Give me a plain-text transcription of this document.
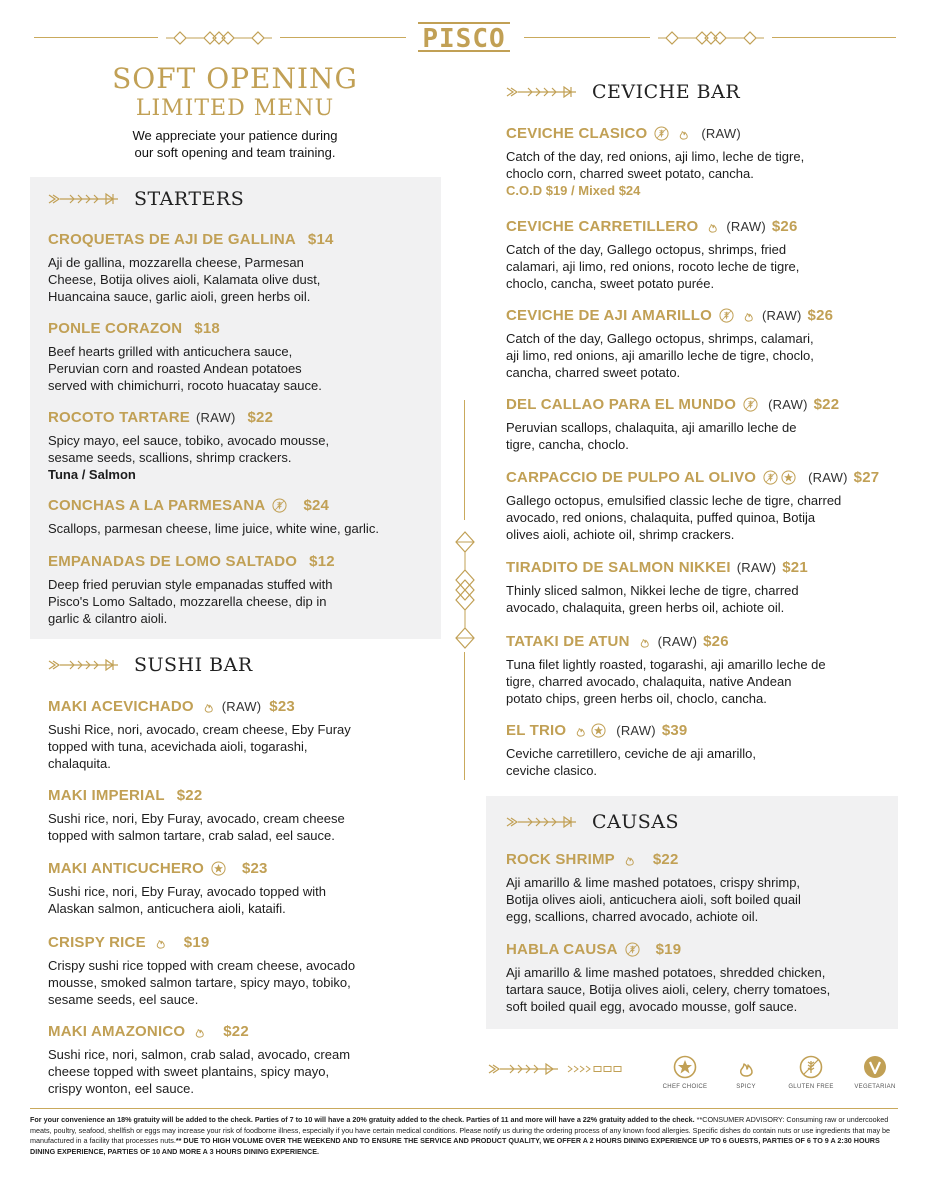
PISCO
SOFT OPENING
LIMITED MENU
We appreciate your patience during
our soft opening and team training.
STARTERS
CROQUETAS DE AJI DE GALLINA $14
Aji de gallina, mozzarella cheese, Parmesan
Cheese, Botija olives aioli, Kalamata olive dust,
Huancaina sauce, garlic aioli, green herbs oil.
PONLE CORAZON $18
Beef hearts grilled with anticuchera sauce,
Peruvian corn and roasted Andean potatoes
served with chimichurri, rocoto huacatay sauce.
ROCOTO TARTARE (RAW) $22
Spicy mayo, eel sauce, tobiko, avocado mousse,
sesame seeds, scallions, shrimp crackers.
Tuna / Salmon
CONCHAS A LA PARMESANA	$24
Scallops, parmesan cheese, lime juice, white wine, garlic.
EMPANADAS DE LOMO SALTADO $12
Deep fried peruvian style empanadas stuffed with
Pisco's Lomo Saltado, mozzarella cheese, dip in
garlic & cilantro aioli.
SUSHI BAR
MAKI ACEVICHADO (RAW) $23
Sushi Rice, nori, avocado, cream cheese, Eby Furay
topped with tuna, acevichada aioli, togarashi,
chalaquita.
MAKI IMPERIAL $22
Sushi rice, nori, Eby Furay, avocado, cream cheese
topped with salmon tartare, crab salad, eel sauce.
MAKI ANTICUCHERO	$23
Sushi rice, nori, Eby Furay, avocado topped with
Alaskan salmon, anticuchera aioli, kataifi.
CRISPY RICE	$19
Crispy sushi rice topped with cream cheese, avocado
mousse, smoked salmon tartare, spicy mayo, tobiko,
sesame seeds, eel sauce.
MAKI AMAZONICO	$22
Sushi rice, nori, salmon, crab salad, avocado, cream
cheese topped with sweet plantains, spicy mayo,
crispy wonton, eel sauce.
CEVICHE BAR
CEVICHE CLASICO	(RAW)
Catch of the day, red onions, aji limo, leche de tigre,
choclo corn, charred sweet potato, cancha.
C.O.D $19 / Mixed $24
CEVICHE CARRETILLERO (RAW) $26
Catch of the day, Gallego octopus, shrimps, fried
calamari, aji limo, red onions, rocoto leche de tigre,
choclo, cancha, sweet potato purée.
CEVICHE DE AJI AMARILLO	(RAW) $26
Catch of the day, Gallego octopus, shrimps, calamari,
aji limo, red onions, aji amarillo leche de tigre, choclo,
cancha, charred sweet potato.
DEL CALLAO PARA EL MUNDO (RAW) $22
Peruvian scallops, chalaquita, aji amarillo leche de
tigre, cancha, choclo.
CARPACCIO DE PULPO AL OLIVO	(RAW) $27
Gallego octopus, emulsified classic leche de tigre, charred
avocado, red onions, chalaquita, puffed quinoa, Botija
olives aioli, achiote oil, shrimp crackers.
TIRADITO DE SALMON NIKKEI (RAW) $21
Thinly sliced salmon, Nikkei leche de tigre, charred
avocado, chalaquita, green herbs oil, achiote oil.
TATAKI DE ATUN (RAW) $26
Tuna filet lightly roasted, togarashi, aji amarillo leche de
tigre, charred avocado, chalaquita, native Andean
potato chips, green herbs oil, choclo, cancha.
EL TRIO	(RAW) $39
Ceviche carretillero, ceviche de aji amarillo,
ceviche clasico.
CAUSAS
ROCK SHRIMP	$22
Aji amarillo & lime mashed potatoes, crispy shrimp,
Botija olives aioli, anticuchera aioli, soft boiled quail
egg, scallions, charred avocado, achiote oil.
HABLA CAUSA	$19
Aji amarillo & lime mashed potatoes, shredded chicken,
tartara sauce, Botija olives aioli, celery, cherry tomatoes,
soft boiled quail egg, avocado mousse, golf sauce.
CHEF CHOICE	SPICY	GLUTEN FREE	VEGETARIAN
For your convenience an 18% gratuity will be added to the check. Parties of 7 to 10 will have a 20% gratuity added to the check. Parties of 11 and more will have a 22% gratuity added to the check. **CONSUMER ADVISORY: Consuming raw or undercooked meats, poultry, seafood, shellfish or eggs may increase your risk of foodborne illness, especially if you have certain medical conditions. Please notify us during the ordering process of any known food allergies. Specific dishes do contain nuts or use ingredients that may be manufactured in a facility that processes nuts.** DUE TO HIGH VOLUME OVER THE WEEKEND AND TO ENSURE THE SERVICE AND PRODUCT QUALITY, WE OFFER A 2 HOURS DINING EXPERIENCE UP TO 6 GUESTS, PARTIES OF 6 TO 9 A 2:30 HOURS DINING EXPERIENCE, PARTIES OF 10 AND MORE A 3 HOURS DINING EXPERIENCE.
